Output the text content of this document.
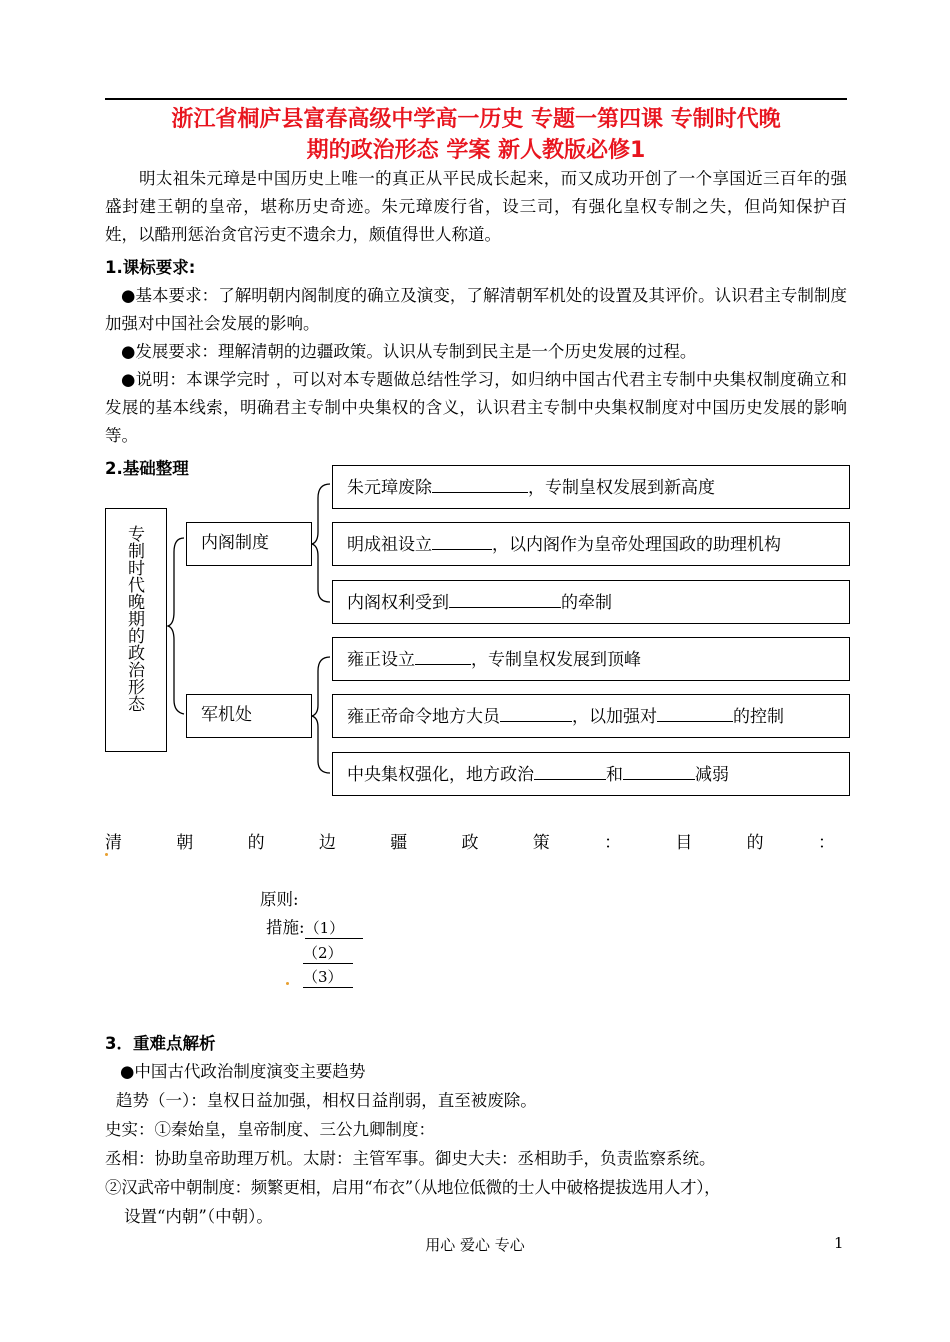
浙江省桐庐县富春高级中学高一历史 专题一第四课 专制时代晚
期的政治形态 学案 新人教版必修1
明太祖朱元璋是中国历史上唯一的真正从平民成长起来，而又成功开创了一个享国近三百年的强盛封建王朝的皇帝，堪称历史奇迹。朱元璋废行省，设三司，有强化皇权专制之失，但尚知保护百姓，以酷刑惩治贪官污吏不遗余力，颇值得世人称道。
1.课标要求:
●基本要求：了解明朝内阁制度的确立及演变，了解清朝军机处的设置及其评价。认识君主专制制度加强对中国社会发展的影响。
●发展要求：理解清朝的边疆政策。认识从专制到民主是一个历史发展的过程。
●说明：本课学完时 ，可以对本专题做总结性学习，如归纳中国古代君主专制中央集权制度确立和发展的基本线索，明确君主专制中央集权的含义，认识君主专制中央集权制度对中国历史发展的影响等。
2.基础整理
专制时代晚期的政治形态	内阁制度
军机处
朱元璋废除	，专制皇权发展到新高度
明成祖设立	，以内阁作为皇帝处理国政的助理机构
内阁权利受到	的牵制
雍正设立	，专制皇权发展到顶峰
雍正帝命令地方大员	，以加强对	的控制
中央集权强化，地方政治	和	减弱
清	朝	的	边	疆	政	策	：	目	的	：
原则:
措施:（1）
（2）
（3）
3．重难点解析
●中国古代政治制度演变主要趋势
趋势（一）：皇权日益加强，相权日益削弱，直至被废除。
史实：①秦始皇，皇帝制度、三公九卿制度：
丞相：协助皇帝助理万机。太尉：主管军事。御史大夫：丞相助手，负责监察系统。
②汉武帝中朝制度：频繁更相，启用“布衣”（从地位低微的士人中破格提拔选用人才），
设置“内朝”（中朝）。
用心 爱心 专心	1
